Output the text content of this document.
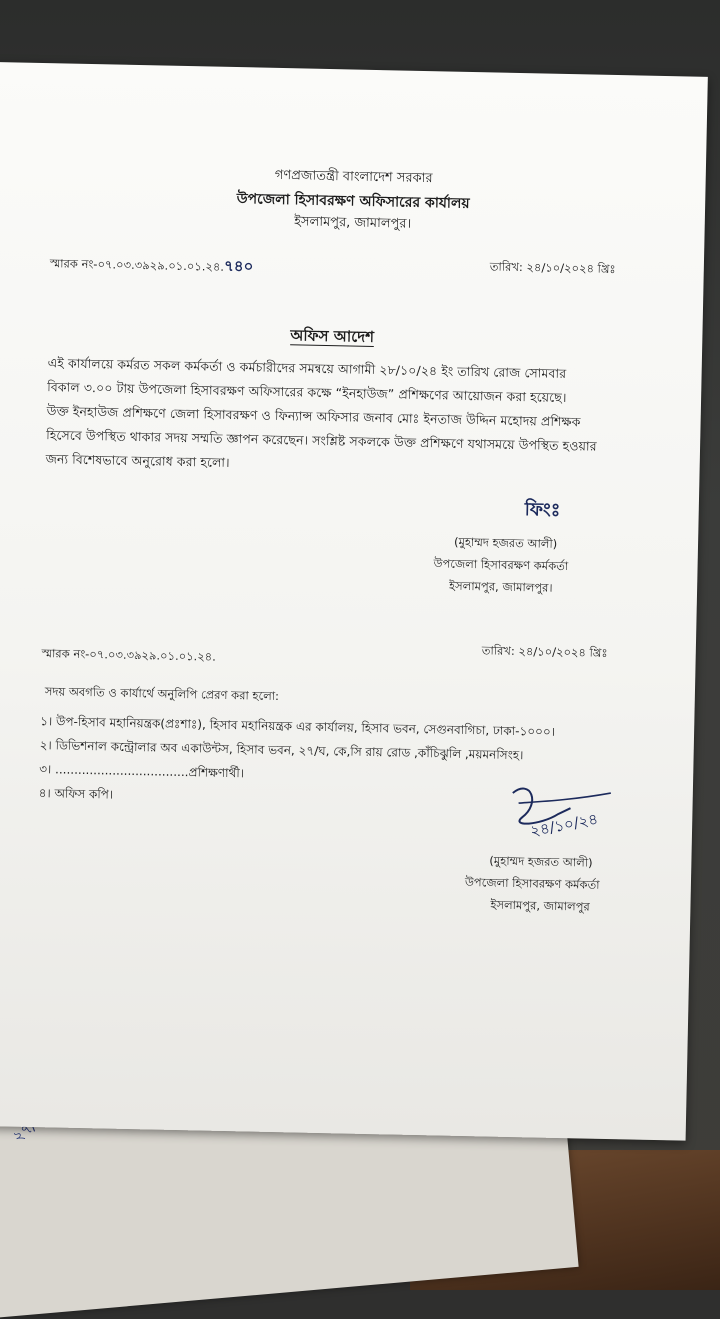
গণপ্রজাতন্ত্রী বাংলাদেশ সরকার
উপজেলা হিসাবরক্ষণ অফিসারের কার্যালয়
ইসলামপুর, জামালপুর।
স্মারক নং-০৭.০৩.৩৯২৯.০১.০১.২৪.৭৪০	তারিখ: ২৪/১০/২০২৪ খ্রিঃ
অফিস আদেশ
এই কার্যালয়ে কর্মরত সকল কর্মকর্তা ও কর্মচারীদের সমন্বয়ে আগামী ২৮/১০/২৪ ইং তারিখ রোজ সোমবার
বিকাল ৩.০০ টায় উপজেলা হিসাবরক্ষণ অফিসারের কক্ষে “ইনহাউজ” প্রশিক্ষণের আয়োজন করা হয়েছে।
উক্ত ইনহাউজ প্রশিক্ষণে জেলা হিসাবরক্ষণ ও ফিন্যান্স অফিসার জনাব মোঃ ইনতাজ উদ্দিন মহোদয় প্রশিক্ষক
হিসেবে উপস্থিত থাকার সদয় সম্মতি জ্ঞাপন করেছেন। সংশ্লিষ্ট সকলকে উক্ত প্রশিক্ষণে যথাসময়ে উপস্থিত হওয়ার
জন্য বিশেষভাবে অনুরোধ করা হলো।
ফিংঃ
(মুহাম্মদ হজরত আলী)
উপজেলা হিসাবরক্ষণ কর্মকর্তা
ইসলামপুর, জামালপুর।
স্মারক নং-০৭.০৩.৩৯২৯.০১.০১.২৪.	তারিখ: ২৪/১০/২০২৪ খ্রিঃ
সদয় অবগতি ও কার্যার্থে অনুলিপি প্রেরণ করা হলো:
১। উপ-হিসাব মহানিয়ন্ত্রক(প্রঃশাঃ), হিসাব মহানিয়ন্ত্রক এর কার্যালয়, হিসাব ভবন, সেগুনবাগিচা, ঢাকা-১০০০।
২। ডিভিশনাল কন্ট্রোলার অব একাউন্টস, হিসাব ভবন, ২৭/ঘ, কে,সি রায় রোড ,কাঁচিঝুলি ,ময়মনসিংহ।
৩। ...................................প্রশিক্ষণার্থী।
৪। অফিস কপি।
২৪/১০/২৪
(মুহাম্মদ হজরত আলী)
উপজেলা হিসাবরক্ষণ কর্মকর্তা
ইসলামপুর, জামালপুর
